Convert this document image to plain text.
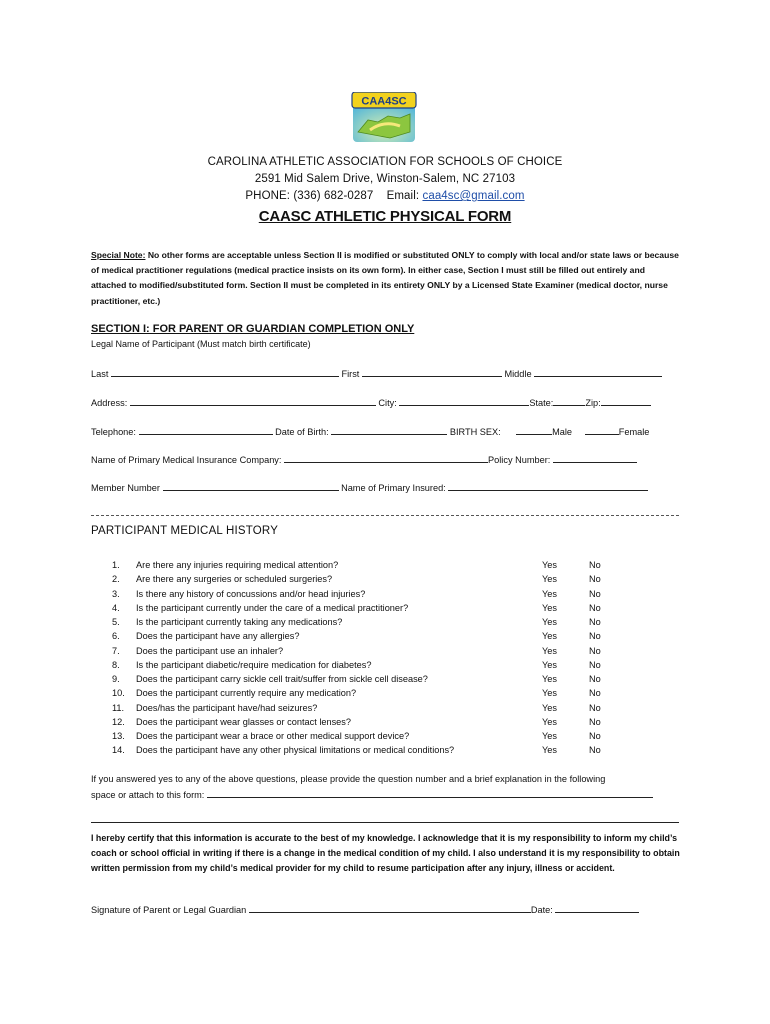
CAA4SC
CAROLINA ATHLETIC ASSOCIATION FOR SCHOOLS OF CHOICE
2591 Mid Salem Drive, Winston-Salem, NC 27103
PHONE: (336) 682-0287 Email: caa4sc@gmail.com
CAASC ATHLETIC PHYSICAL FORM
Special Note: No other forms are acceptable unless Section II is modified or substituted ONLY to comply with local and/or state laws or because of medical practitioner regulations (medical practice insists on its own form). In either case, Section I must still be filled out entirely and attached to modified/substituted form. Section II must be completed in its entirety ONLY by a Licensed State Examiner (medical doctor, nurse practitioner, etc.)
SECTION I: FOR PARENT OR GUARDIAN COMPLETION ONLY
Legal Name of Participant (Must match birth certificate)
Last	First	Middle
Address:	City:	State:	Zip:
Telephone:	Date of Birth:	BIRTH SEX:	Male	Female
Name of Primary Medical Insurance Company:	Policy Number:
Member Number	Name of Primary Insured:
PARTICIPANT MEDICAL HISTORY
1.	Are there any injuries requiring medical attention?	Yes	No
2.	Are there any surgeries or scheduled surgeries?	Yes	No
3.	Is there any history of concussions and/or head injuries?	Yes	No
4.	Is the participant currently under the care of a medical practitioner?	Yes	No
5.	Is the participant currently taking any medications?	Yes	No
6.	Does the participant have any allergies?	Yes	No
7.	Does the participant use an inhaler?	Yes	No
8.	Is the participant diabetic/require medication for diabetes?	Yes	No
9.	Does the participant carry sickle cell trait/suffer from sickle cell disease?	Yes	No
10.	Does the participant currently require any medication?	Yes	No
11.	Does/has the participant have/had seizures?	Yes	No
12.	Does the participant wear glasses or contact lenses?	Yes	No
13.	Does the participant wear a brace or other medical support device?	Yes	No
14.	Does the participant have any other physical limitations or medical conditions?	Yes	No
If you answered yes to any of the above questions, please provide the question number and a brief explanation in the following
space or attach to this form:
I hereby certify that this information is accurate to the best of my knowledge. I acknowledge that it is my responsibility to inform my child’s coach or school official in writing if there is a change in the medical condition of my child. I also understand it is my responsibility to obtain written permission from my child’s medical provider for my child to resume participation after any injury, illness or accident.
Signature of Parent or Legal Guardian	Date:
